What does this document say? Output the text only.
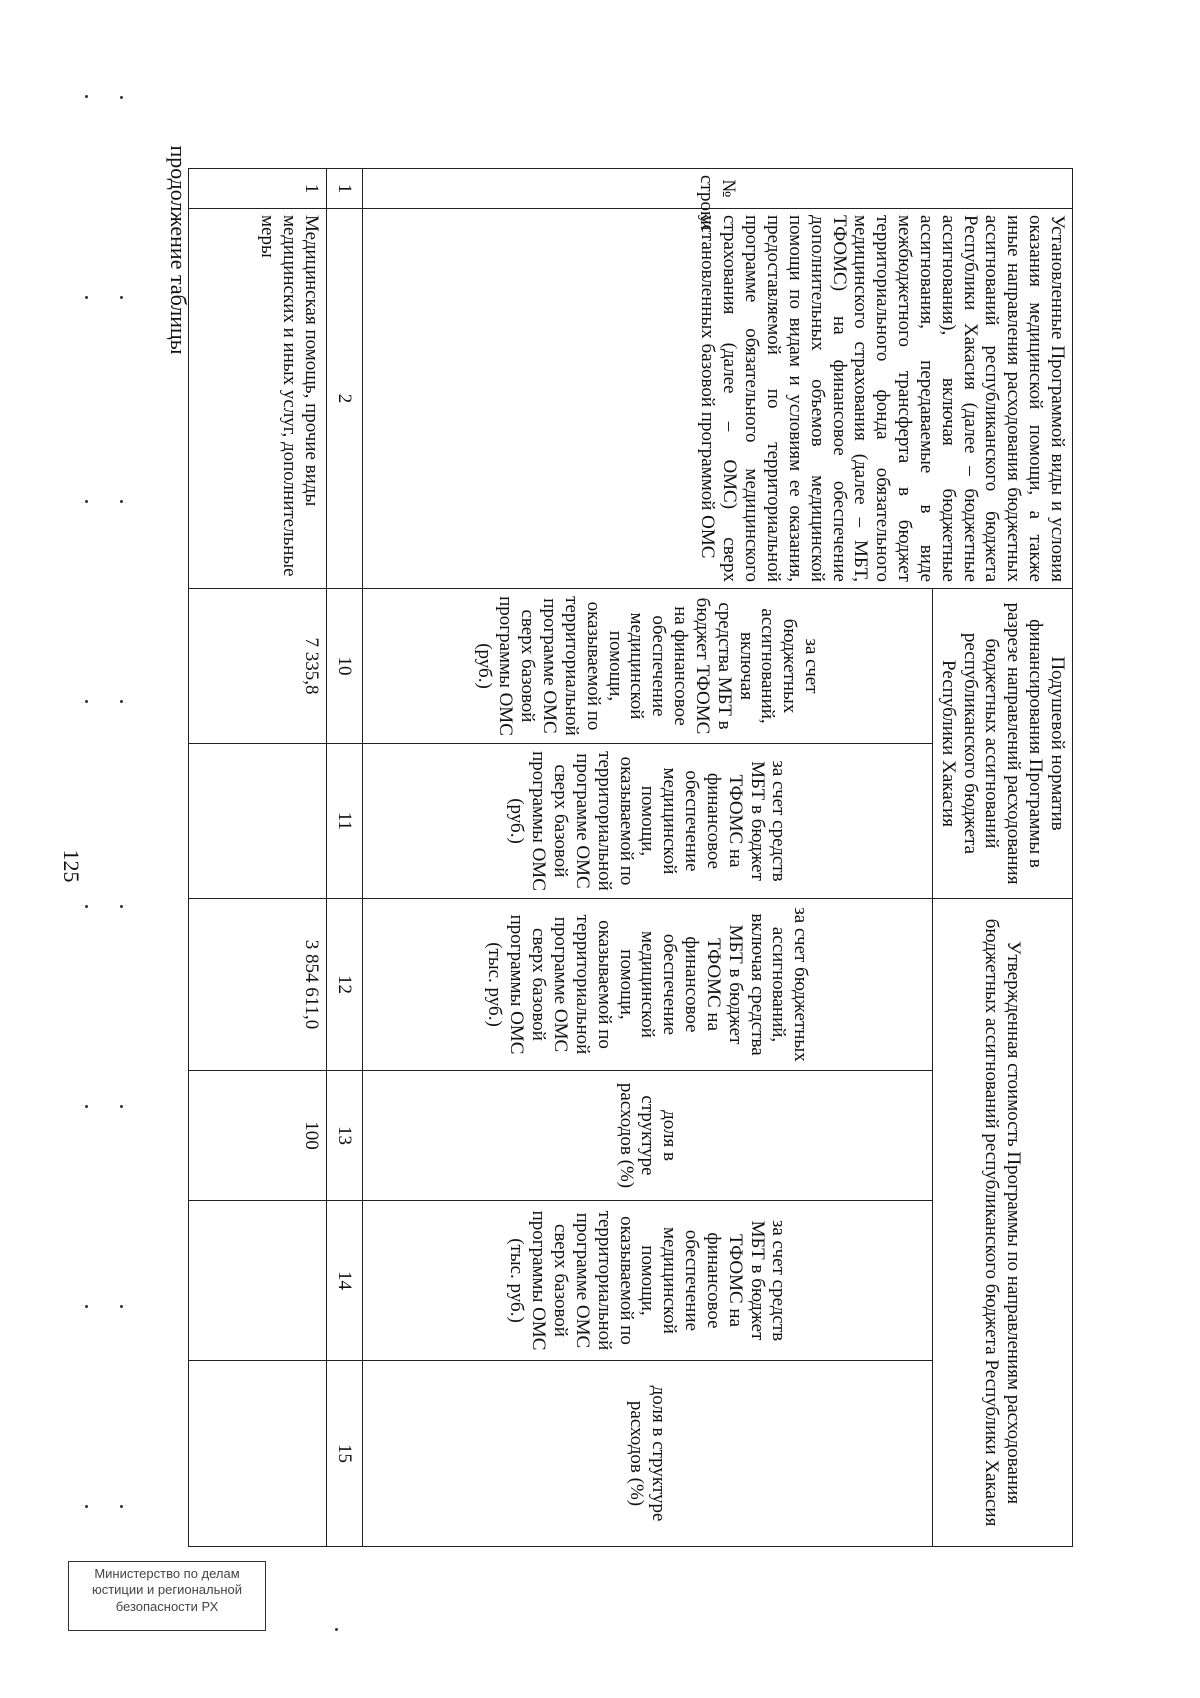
125
продолжение таблицы	№ строки	Установленные Программой виды и условия оказания медицинской помощи, а также иные направления расходования бюджетных ассигнований республиканского бюджета Республики Хакасия (далее – бюджетные ассигнования), включая бюджетные ассигнования, передаваемые в виде межбюджетного трансферта в бюджет территориального фонда обязательного медицинского страхования (далее – МБТ, ТФОМС) на финансовое обеспечение дополнительных объемов медицинской помощи по видам и условиям ее оказания, предоставляемой по территориальной программе обязательного медицинского страхования (далее – ОМС) сверх установленных базовой программой ОМС	Подушевой норматив финансирования Программы в разрезе направлений расходования бюджетных ассигнований республиканского бюджета Республики Хакасия		Утвержденная стоимость Программы по направлениям расходования бюджетных ассигнований республиканского бюджета Республики Хакасия			
		за счет бюджетных ассигнований, включая средства МБТ в бюджет ТФОМС на финансовое обеспечение медицинской помощи, оказываемой по территориальной программе ОМС сверх базовой программы ОМС (руб.)	за счет средств МБТ в бюджет ТФОМС на финансовое обеспечение медицинской помощи, оказываемой по территориальной программе ОМС сверх базовой программы ОМС (руб.)	за счет бюджетных ассигнований, включая средства МБТ в бюджет ТФОМС на финансовое обеспечение медицинской помощи, оказываемой по территориальной программе ОМС сверх базовой программы ОМС (тыс. руб.)	доля в структуре расходов (%)	за счет средств МБТ в бюджет ТФОМС на финансовое обеспечение медицинской помощи, оказываемой по территориальной программе ОМС сверх базовой программы ОМС (тыс. руб.)	доля в структуре расходов (%)
1	2	10	11	12	13	14	15
1	Медицинская помощь, прочие виды медицинских и иных услуг, дополнительные меры	7 335,8		3 854 611,0	100		
Министерство по делам
юстиции и региональной
безопасности РХ
